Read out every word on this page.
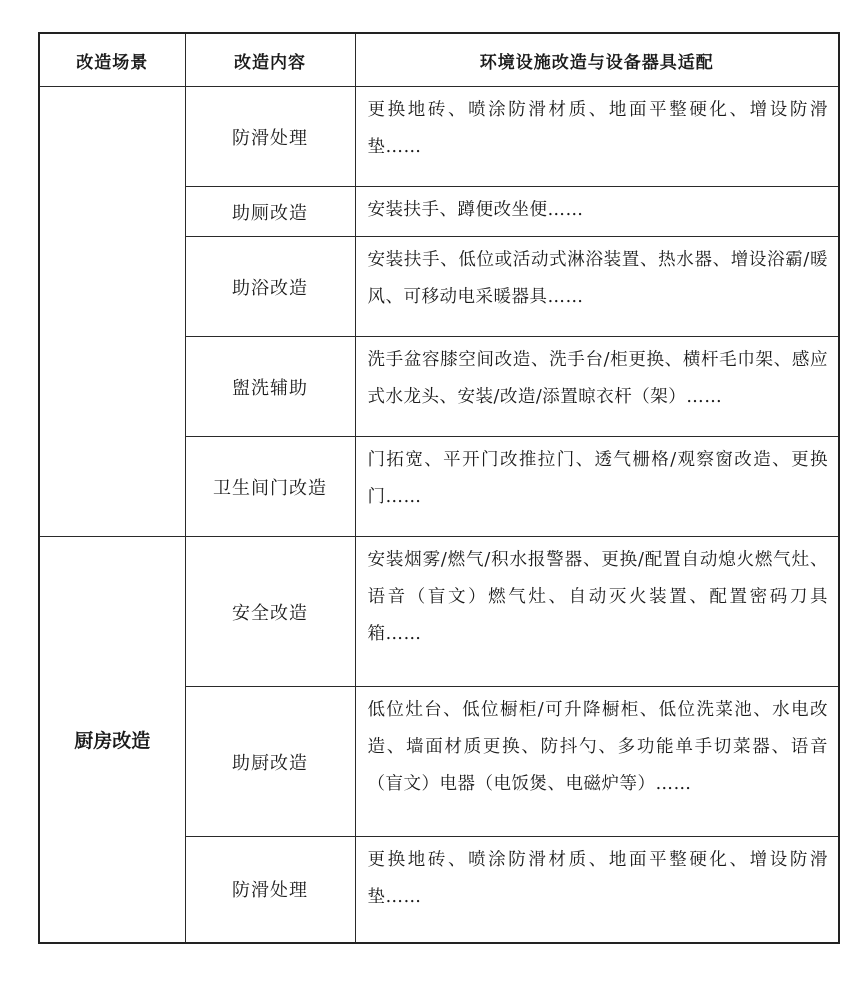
改造场景	改造内容	环境设施改造与设备器具适配
	防滑处理	更换地砖、喷涂防滑材质、地面平整硬化、增设防滑垫……
	助厕改造	安装扶手、蹲便改坐便……
	助浴改造	安装扶手、低位或活动式淋浴装置、热水器、增设浴霸/暖风、可移动电采暖器具……
	盥洗辅助	洗手盆容膝空间改造、洗手台/柜更换、横杆毛巾架、感应式水龙头、安装/改造/添置晾衣杆（架）……
	卫生间门改造	门拓宽、平开门改推拉门、透气栅格/观察窗改造、更换门……
厨房改造	安全改造	安装烟雾/燃气/积水报警器、更换/配置自动熄火燃气灶、语音（盲文）燃气灶、自动灭火装置、配置密码刀具箱……
	助厨改造	低位灶台、低位橱柜/可升降橱柜、低位洗菜池、水电改造、墙面材质更换、防抖勺、多功能单手切菜器、语音（盲文）电器（电饭煲、电磁炉等）……
	防滑处理	更换地砖、喷涂防滑材质、地面平整硬化、增设防滑垫……
